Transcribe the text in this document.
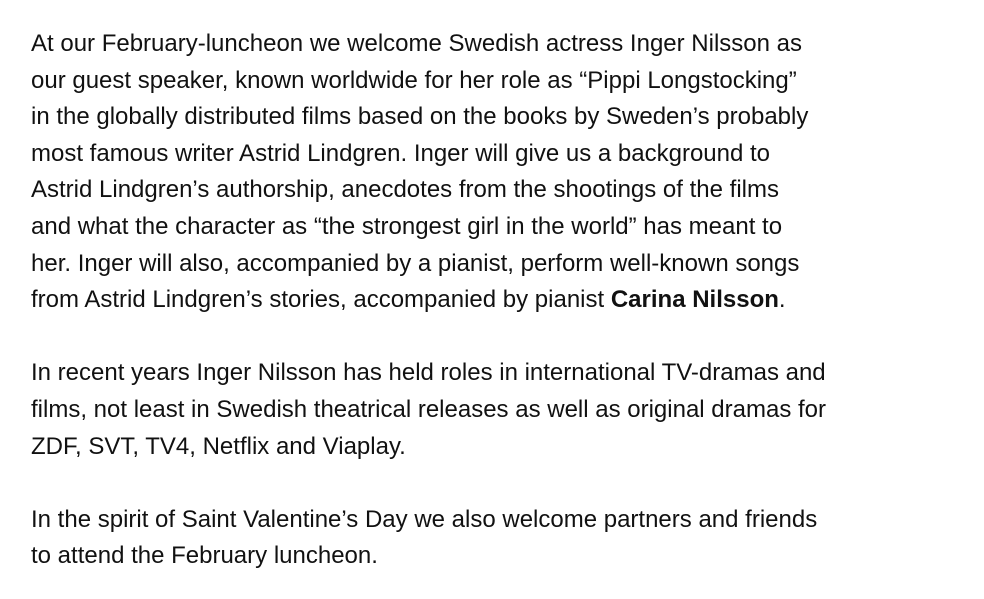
At our February-luncheon we welcome Swedish actress Inger Nilsson as
our guest speaker, known worldwide for her role as “Pippi Longstocking”
in the globally distributed films based on the books by Sweden’s probably
most famous writer Astrid Lindgren. Inger will give us a background to
Astrid Lindgren’s authorship, anecdotes from the shootings of the films
and what the character as “the strongest girl in the world” has meant to
her. Inger will also, accompanied by a pianist, perform well-known songs
from Astrid Lindgren’s stories, accompanied by pianist Carina Nilsson.

In recent years Inger Nilsson has held roles in international TV-dramas and
films, not least in Swedish theatrical releases as well as original dramas for
ZDF, SVT, TV4, Netflix and Viaplay.

In the spirit of Saint Valentine’s Day we also welcome partners and friends
to attend the February luncheon.
